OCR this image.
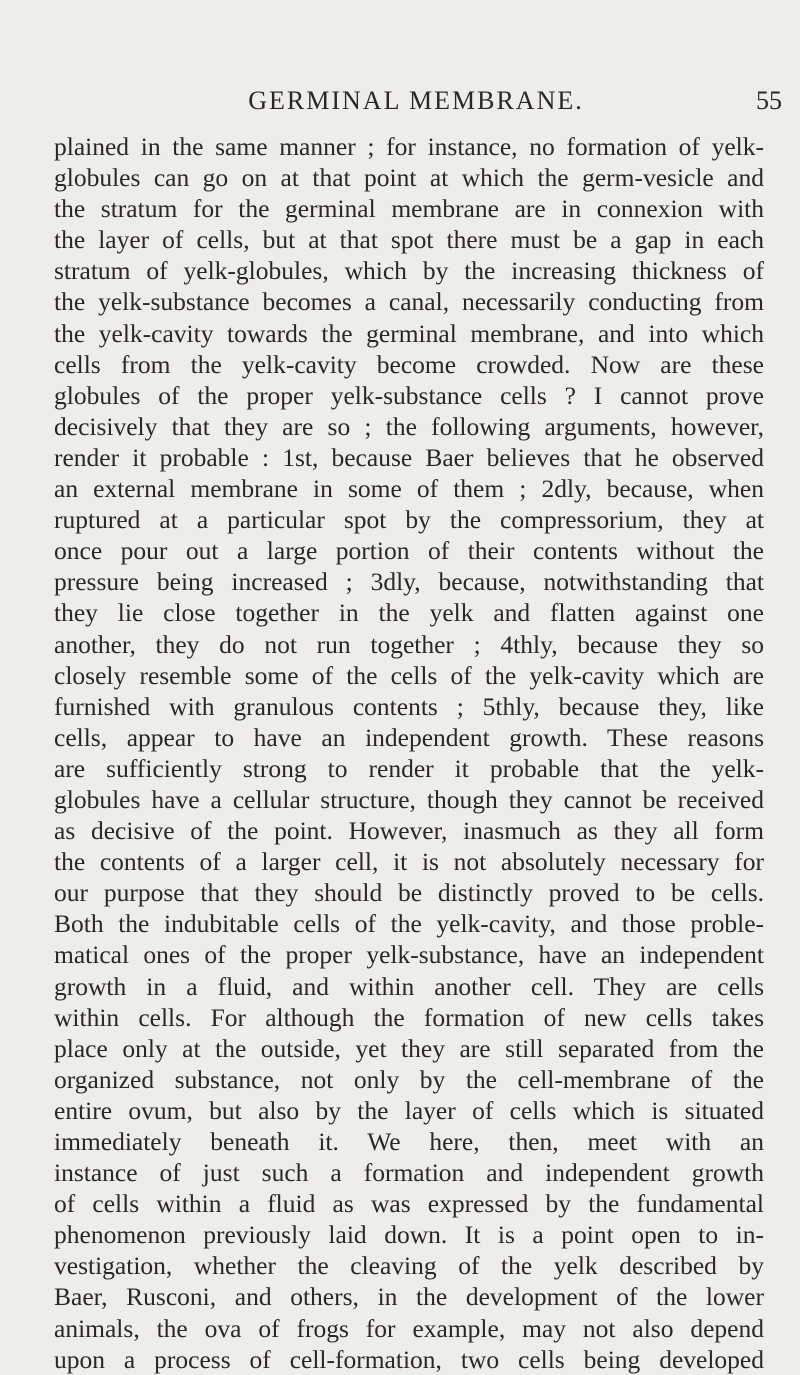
GERMINAL MEMBRANE.	55
plained in the same manner ; for instance, no formation of yelk-
globules can go on at that point at which the germ-vesicle and
the stratum for the germinal membrane are in connexion with
the layer of cells, but at that spot there must be a gap in each
stratum of yelk-globules, which by the increasing thickness of
the yelk-substance becomes a canal, necessarily conducting from
the yelk-cavity towards the germinal membrane, and into which
cells from the yelk-cavity become crowded. Now are these
globules of the proper yelk-substance cells ? I cannot prove
decisively that they are so ; the following arguments, however,
render it probable : 1st, because Baer believes that he observed
an external membrane in some of them ; 2dly, because, when
ruptured at a particular spot by the compressorium, they at
once pour out a large portion of their contents without the
pressure being increased ; 3dly, because, notwithstanding that
they lie close together in the yelk and flatten against one
another, they do not run together ; 4thly, because they so
closely resemble some of the cells of the yelk-cavity which are
furnished with granulous contents ; 5thly, because they, like
cells, appear to have an independent growth. These reasons
are sufficiently strong to render it probable that the yelk-
globules have a cellular structure, though they cannot be received
as decisive of the point. However, inasmuch as they all form
the contents of a larger cell, it is not absolutely necessary for
our purpose that they should be distinctly proved to be cells.
Both the indubitable cells of the yelk-cavity, and those proble-
matical ones of the proper yelk-substance, have an independent
growth in a fluid, and within another cell. They are cells
within cells. For although the formation of new cells takes
place only at the outside, yet they are still separated from the
organized substance, not only by the cell-membrane of the
entire ovum, but also by the layer of cells which is situated
immediately beneath it. We here, then, meet with an
instance of just such a formation and independent growth
of cells within a fluid as was expressed by the fundamental
phenomenon previously laid down. It is a point open to in-
vestigation, whether the cleaving of the yelk described by
Baer, Rusconi, and others, in the development of the lower
animals, the ova of frogs for example, may not also depend
upon a process of cell-formation, two cells being developed
